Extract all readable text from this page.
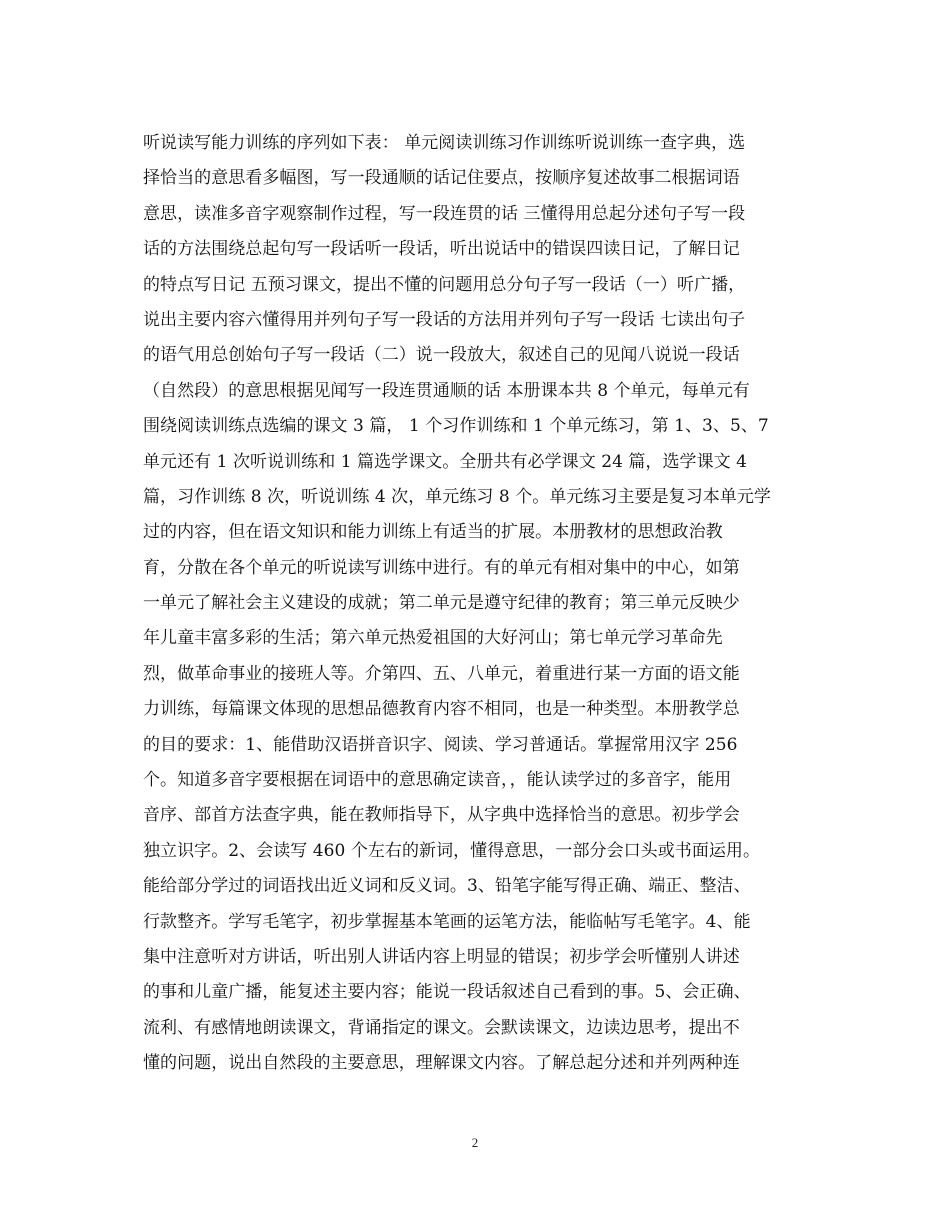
听说读写能力训练的序列如下表： 单元阅读训练习作训练听说训练一查字典，选
择恰当的意思看多幅图，写一段通顺的话记住要点，按顺序复述故事二根据词语
意思，读准多音字观察制作过程，写一段连贯的话 三懂得用总起分述句子写一段
话的方法围绕总起句写一段话听一段话，听出说话中的错误四读日记，了解日记
的特点写日记 五预习课文，提出不懂的问题用总分句子写一段话（一）听广播，
说出主要内容六懂得用并列句子写一段话的方法用并列句子写一段话 七读出句子
的语气用总创始句子写一段话（二）说一段放大，叙述自己的见闻八说说一段话
（自然段）的意思根据见闻写一段连贯通顺的话 本册课本共 8 个单元，每单元有
围绕阅读训练点选编的课文 3 篇， 1 个习作训练和 1 个单元练习，第 1、3、5、7
单元还有 1 次听说训练和 1 篇选学课文。全册共有必学课文 24 篇，选学课文 4
篇，习作训练 8 次，听说训练 4 次，单元练习 8 个。单元练习主要是复习本单元学
过的内容，但在语文知识和能力训练上有适当的扩展。本册教材的思想政治教
育，分散在各个单元的听说读写训练中进行。有的单元有相对集中的中心，如第
一单元了解社会主义建设的成就；第二单元是遵守纪律的教育；第三单元反映少
年儿童丰富多彩的生活；第六单元热爱祖国的大好河山；第七单元学习革命先
烈，做革命事业的接班人等。介第四、五、八单元，着重进行某一方面的语文能
力训练，每篇课文体现的思想品德教育内容不相同，也是一种类型。本册教学总
的目的要求：1、能借助汉语拼音识字、阅读、学习普通话。掌握常用汉字 256
个。知道多音字要根据在词语中的意思确定读音，，能认读学过的多音字，能用
音序、部首方法查字典，能在教师指导下，从字典中选择恰当的意思。初步学会
独立识字。2、会读写 460 个左右的新词，懂得意思，一部分会口头或书面运用。
能给部分学过的词语找出近义词和反义词。3、铅笔字能写得正确、端正、整洁、
行款整齐。学写毛笔字，初步掌握基本笔画的运笔方法，能临帖写毛笔字。4、能
集中注意听对方讲话，听出别人讲话内容上明显的错误；初步学会听懂别人讲述
的事和儿童广播，能复述主要内容；能说一段话叙述自己看到的事。5、会正确、
流利、有感情地朗读课文，背诵指定的课文。会默读课文，边读边思考，提出不
懂的问题，说出自然段的主要意思，理解课文内容。了解总起分述和并列两种连
2
